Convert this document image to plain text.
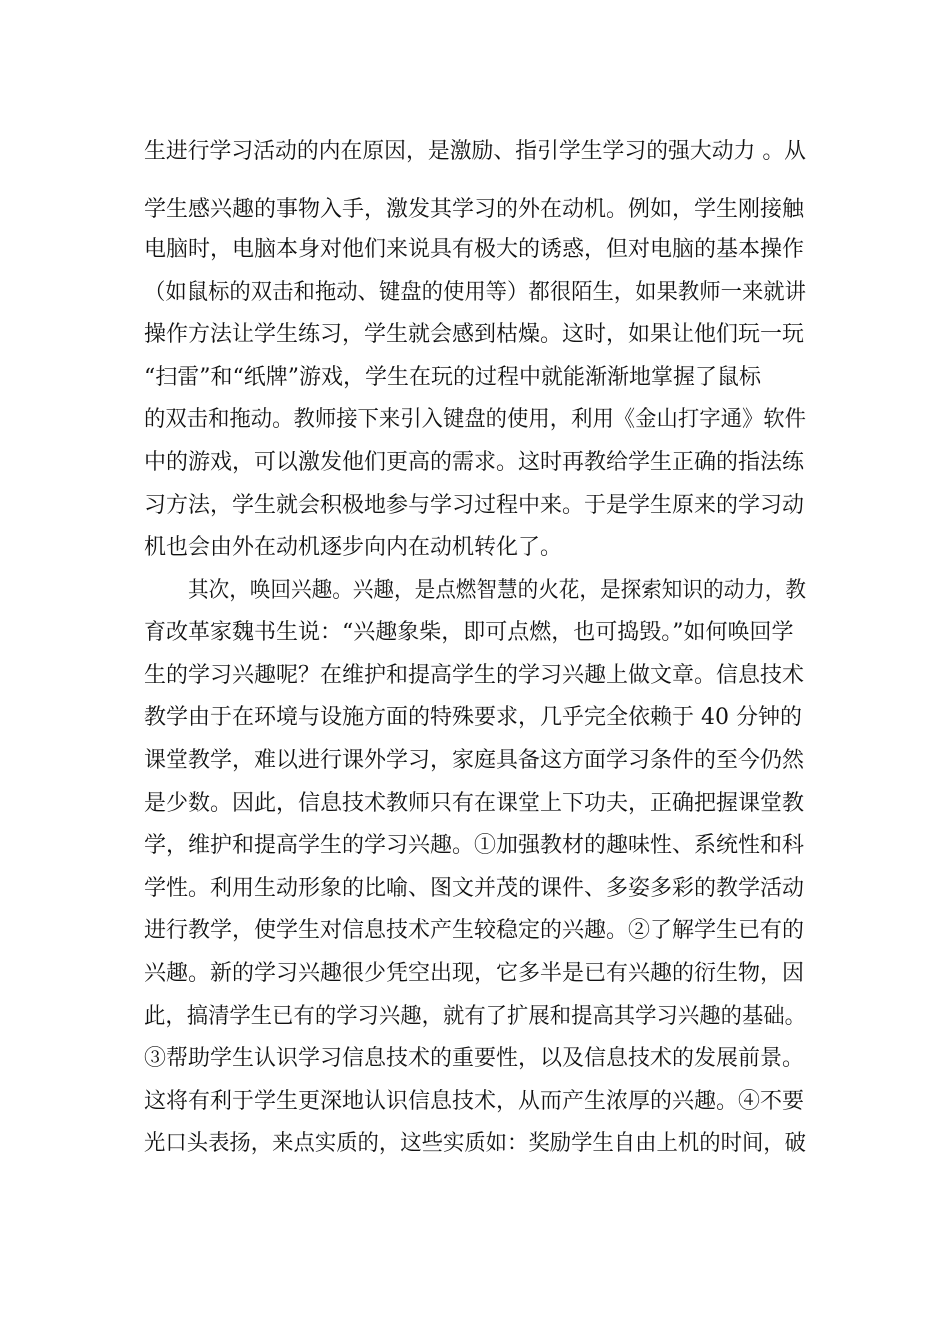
生进行学习活动的内在原因，是激励、指引学生学习的强大动力 。从
学生感兴趣的事物入手，激发其学习的外在动机。例如，学生刚接触
电脑时，电脑本身对他们来说具有极大的诱惑，但对电脑的基本操作
（如鼠标的双击和拖动、键盘的使用等）都很陌生，如果教师一来就讲
操作方法让学生练习，学生就会感到枯燥。这时，如果让他们玩一玩
“扫雷”和“纸牌”游戏，学生在玩的过程中就能渐渐地掌握了鼠标
的双击和拖动。教师接下来引入键盘的使用，利用《金山打字通》软件
中的游戏，可以激发他们更高的需求。这时再教给学生正确的指法练
习方法，学生就会积极地参与学习过程中来。于是学生原来的学习动
机也会由外在动机逐步向内在动机转化了。
其次，唤回兴趣。兴趣，是点燃智慧的火花，是探索知识的动力，教
育改革家魏书生说：“兴趣象柴，即可点燃，也可捣毁。”如何唤回学
生的学习兴趣呢？在维护和提高学生的学习兴趣上做文章。信息技术
教学由于在环境与设施方面的特殊要求，几乎完全依赖于 40 分钟的
课堂教学，难以进行课外学习，家庭具备这方面学习条件的至今仍然
是少数。因此，信息技术教师只有在课堂上下功夫，正确把握课堂教
学，维护和提高学生的学习兴趣。①加强教材的趣味性、系统性和科
学性。利用生动形象的比喻、图文并茂的课件、多姿多彩的教学活动
进行教学，使学生对信息技术产生较稳定的兴趣。②了解学生已有的
兴趣。新的学习兴趣很少凭空出现，它多半是已有兴趣的衍生物，因
此，搞清学生已有的学习兴趣，就有了扩展和提高其学习兴趣的基础。
③帮助学生认识学习信息技术的重要性，以及信息技术的发展前景。
这将有利于学生更深地认识信息技术，从而产生浓厚的兴趣。④不要
光口头表扬，来点实质的，这些实质如：奖励学生自由上机的时间，破
